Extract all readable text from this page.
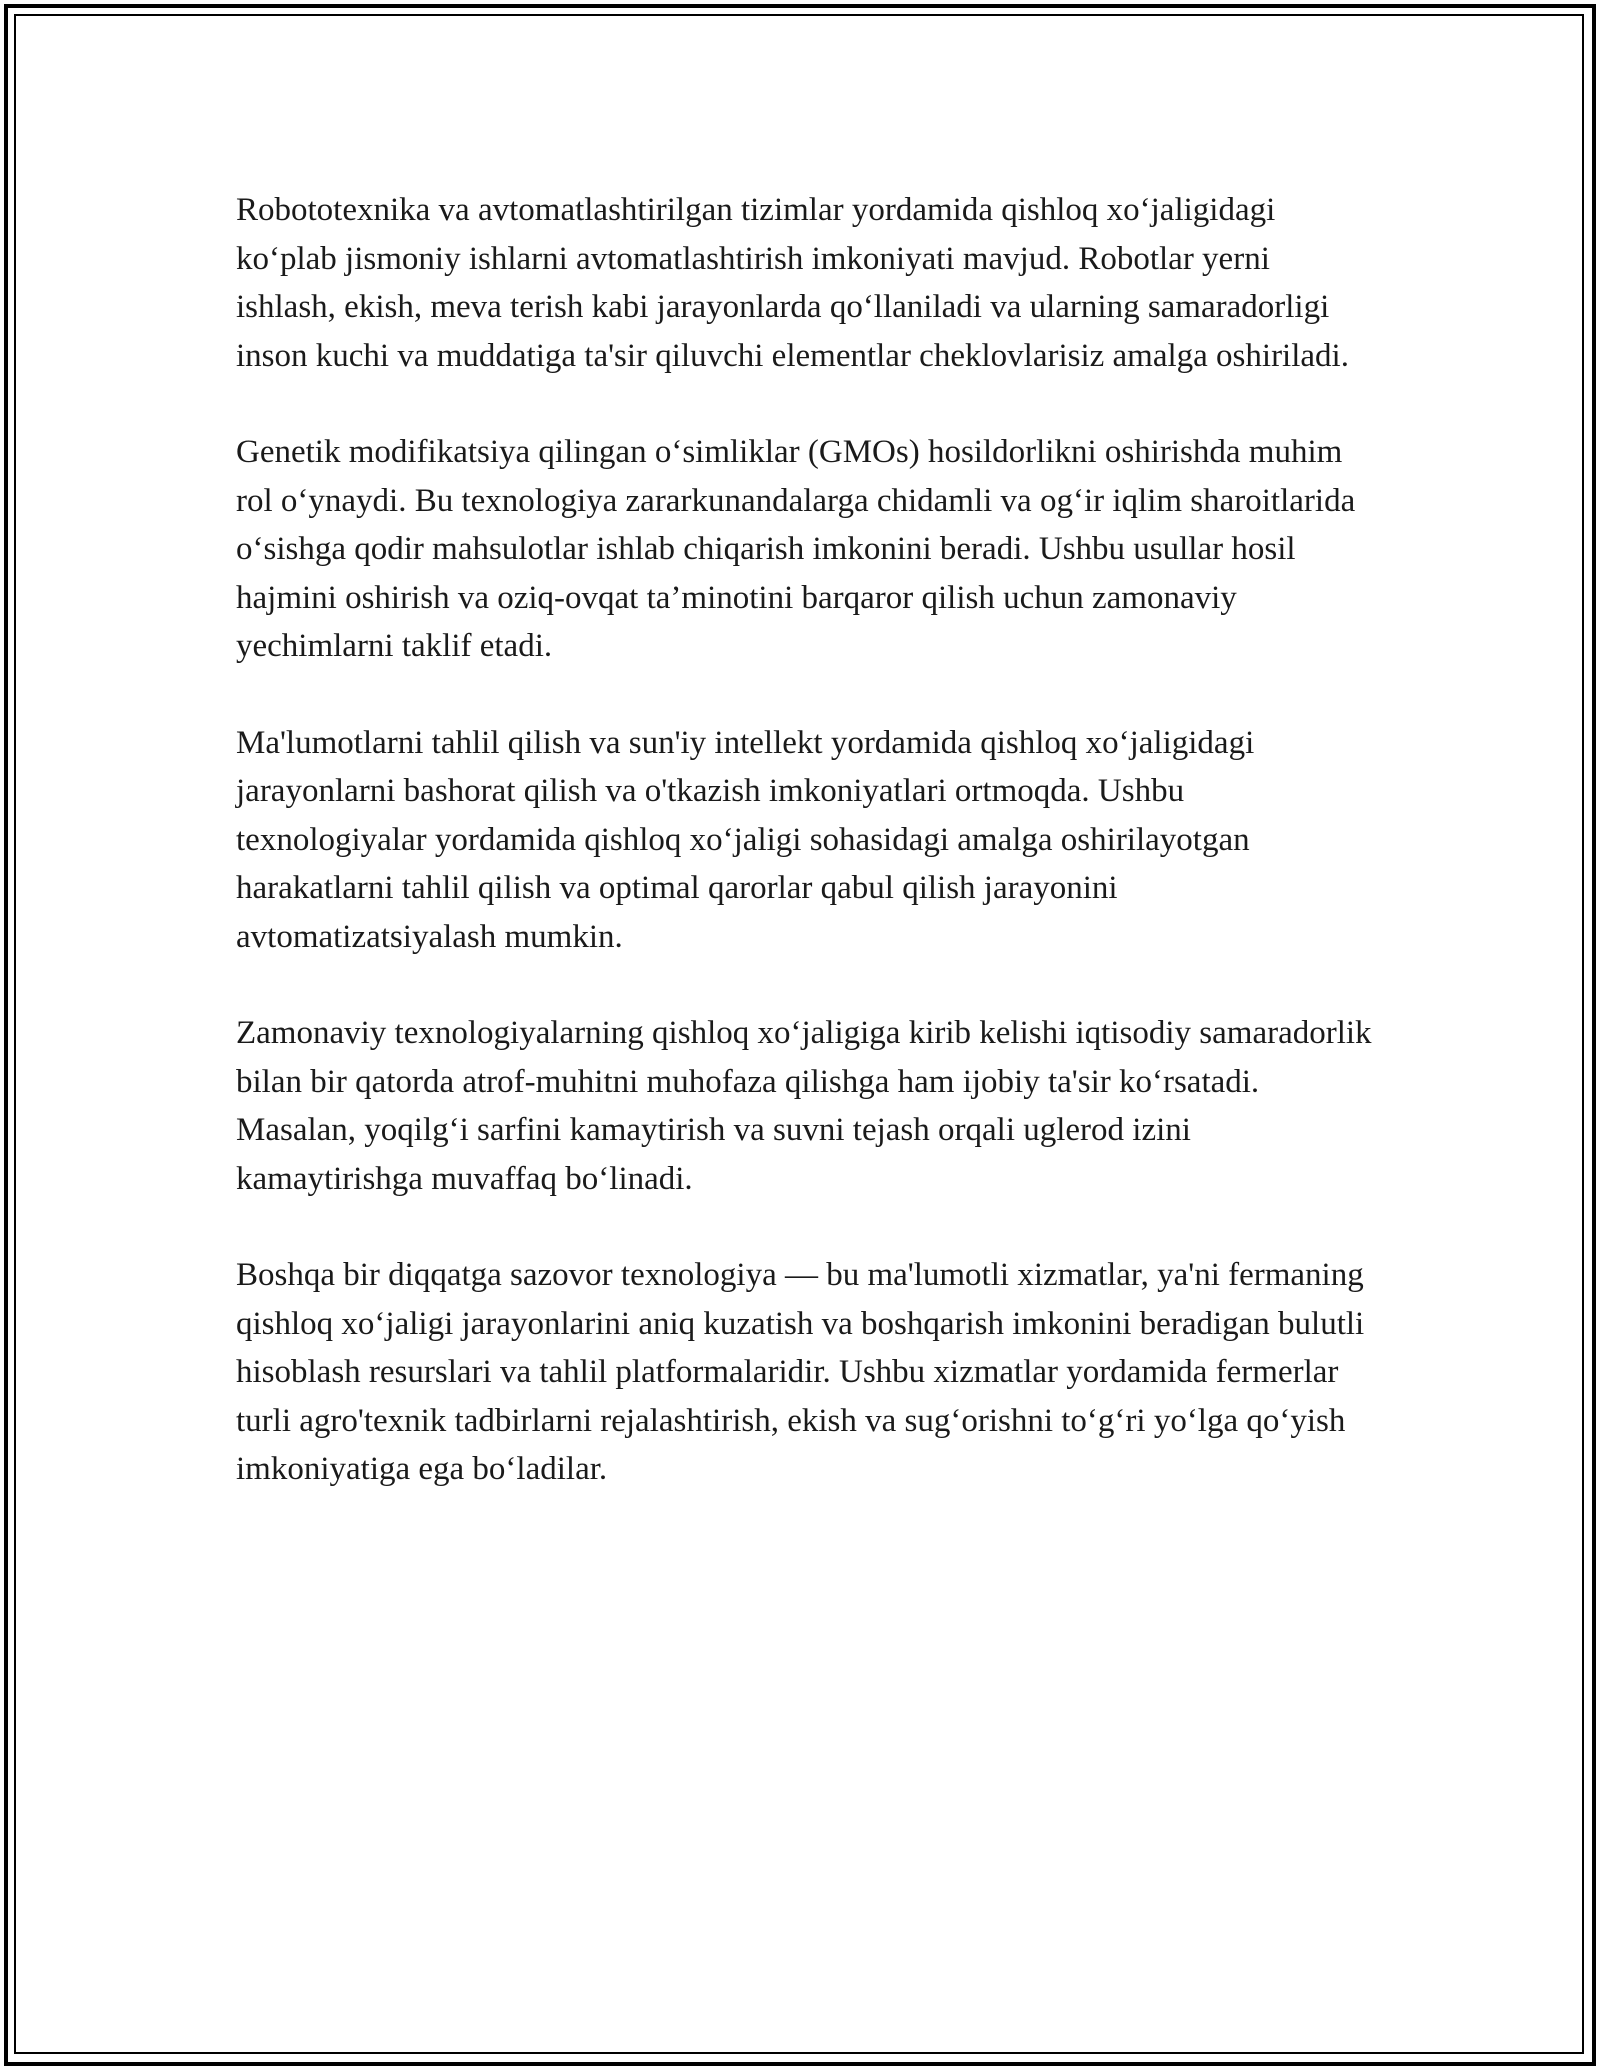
Robototexnika va avtomatlashtirilgan tizimlar yordamida qishloq xo‘jaligidagi ko‘plab jismoniy ishlarni avtomatlashtirish imkoniyati mavjud. Robotlar yerni ishlash, ekish, meva terish kabi jarayonlarda qo‘llaniladi va ularning samaradorligi inson kuchi va muddatiga ta'sir qiluvchi elementlar cheklovlarisiz amalga oshiriladi.

Genetik modifikatsiya qilingan o‘simliklar (GMOs) hosildorlikni oshirishda muhim rol o‘ynaydi. Bu texnologiya zararkunandalarga chidamli va og‘ir iqlim sharoitlarida o‘sishga qodir mahsulotlar ishlab chiqarish imkonini beradi. Ushbu usullar hosil hajmini oshirish va oziq-ovqat ta’minotini barqaror qilish uchun zamonaviy yechimlarni taklif etadi.

Ma'lumotlarni tahlil qilish va sun'iy intellekt yordamida qishloq xo‘jaligidagi jarayonlarni bashorat qilish va o'tkazish imkoniyatlari ortmoqda. Ushbu texnologiyalar yordamida qishloq xo‘jaligi sohasidagi amalga oshirilayotgan harakatlarni tahlil qilish va optimal qarorlar qabul qilish jarayonini avtomatizatsiyalash mumkin.

Zamonaviy texnologiyalarning qishloq xo‘jaligiga kirib kelishi iqtisodiy samaradorlik bilan bir qatorda atrof-muhitni muhofaza qilishga ham ijobiy ta'sir ko‘rsatadi. Masalan, yoqilg‘i sarfini kamaytirish va suvni tejash orqali uglerod izini kamaytirishga muvaffaq bo‘linadi.

Boshqa bir diqqatga sazovor texnologiya — bu ma'lumotli xizmatlar, ya'ni fermaning qishloq xo‘jaligi jarayonlarini aniq kuzatish va boshqarish imkonini beradigan bulutli hisoblash resurslari va tahlil platformalaridir. Ushbu xizmatlar yordamida fermerlar turli agro'texnik tadbirlarni rejalashtirish, ekish va sug‘orishni to‘g‘ri yo‘lga qo‘yish imkoniyatiga ega bo‘ladilar.
